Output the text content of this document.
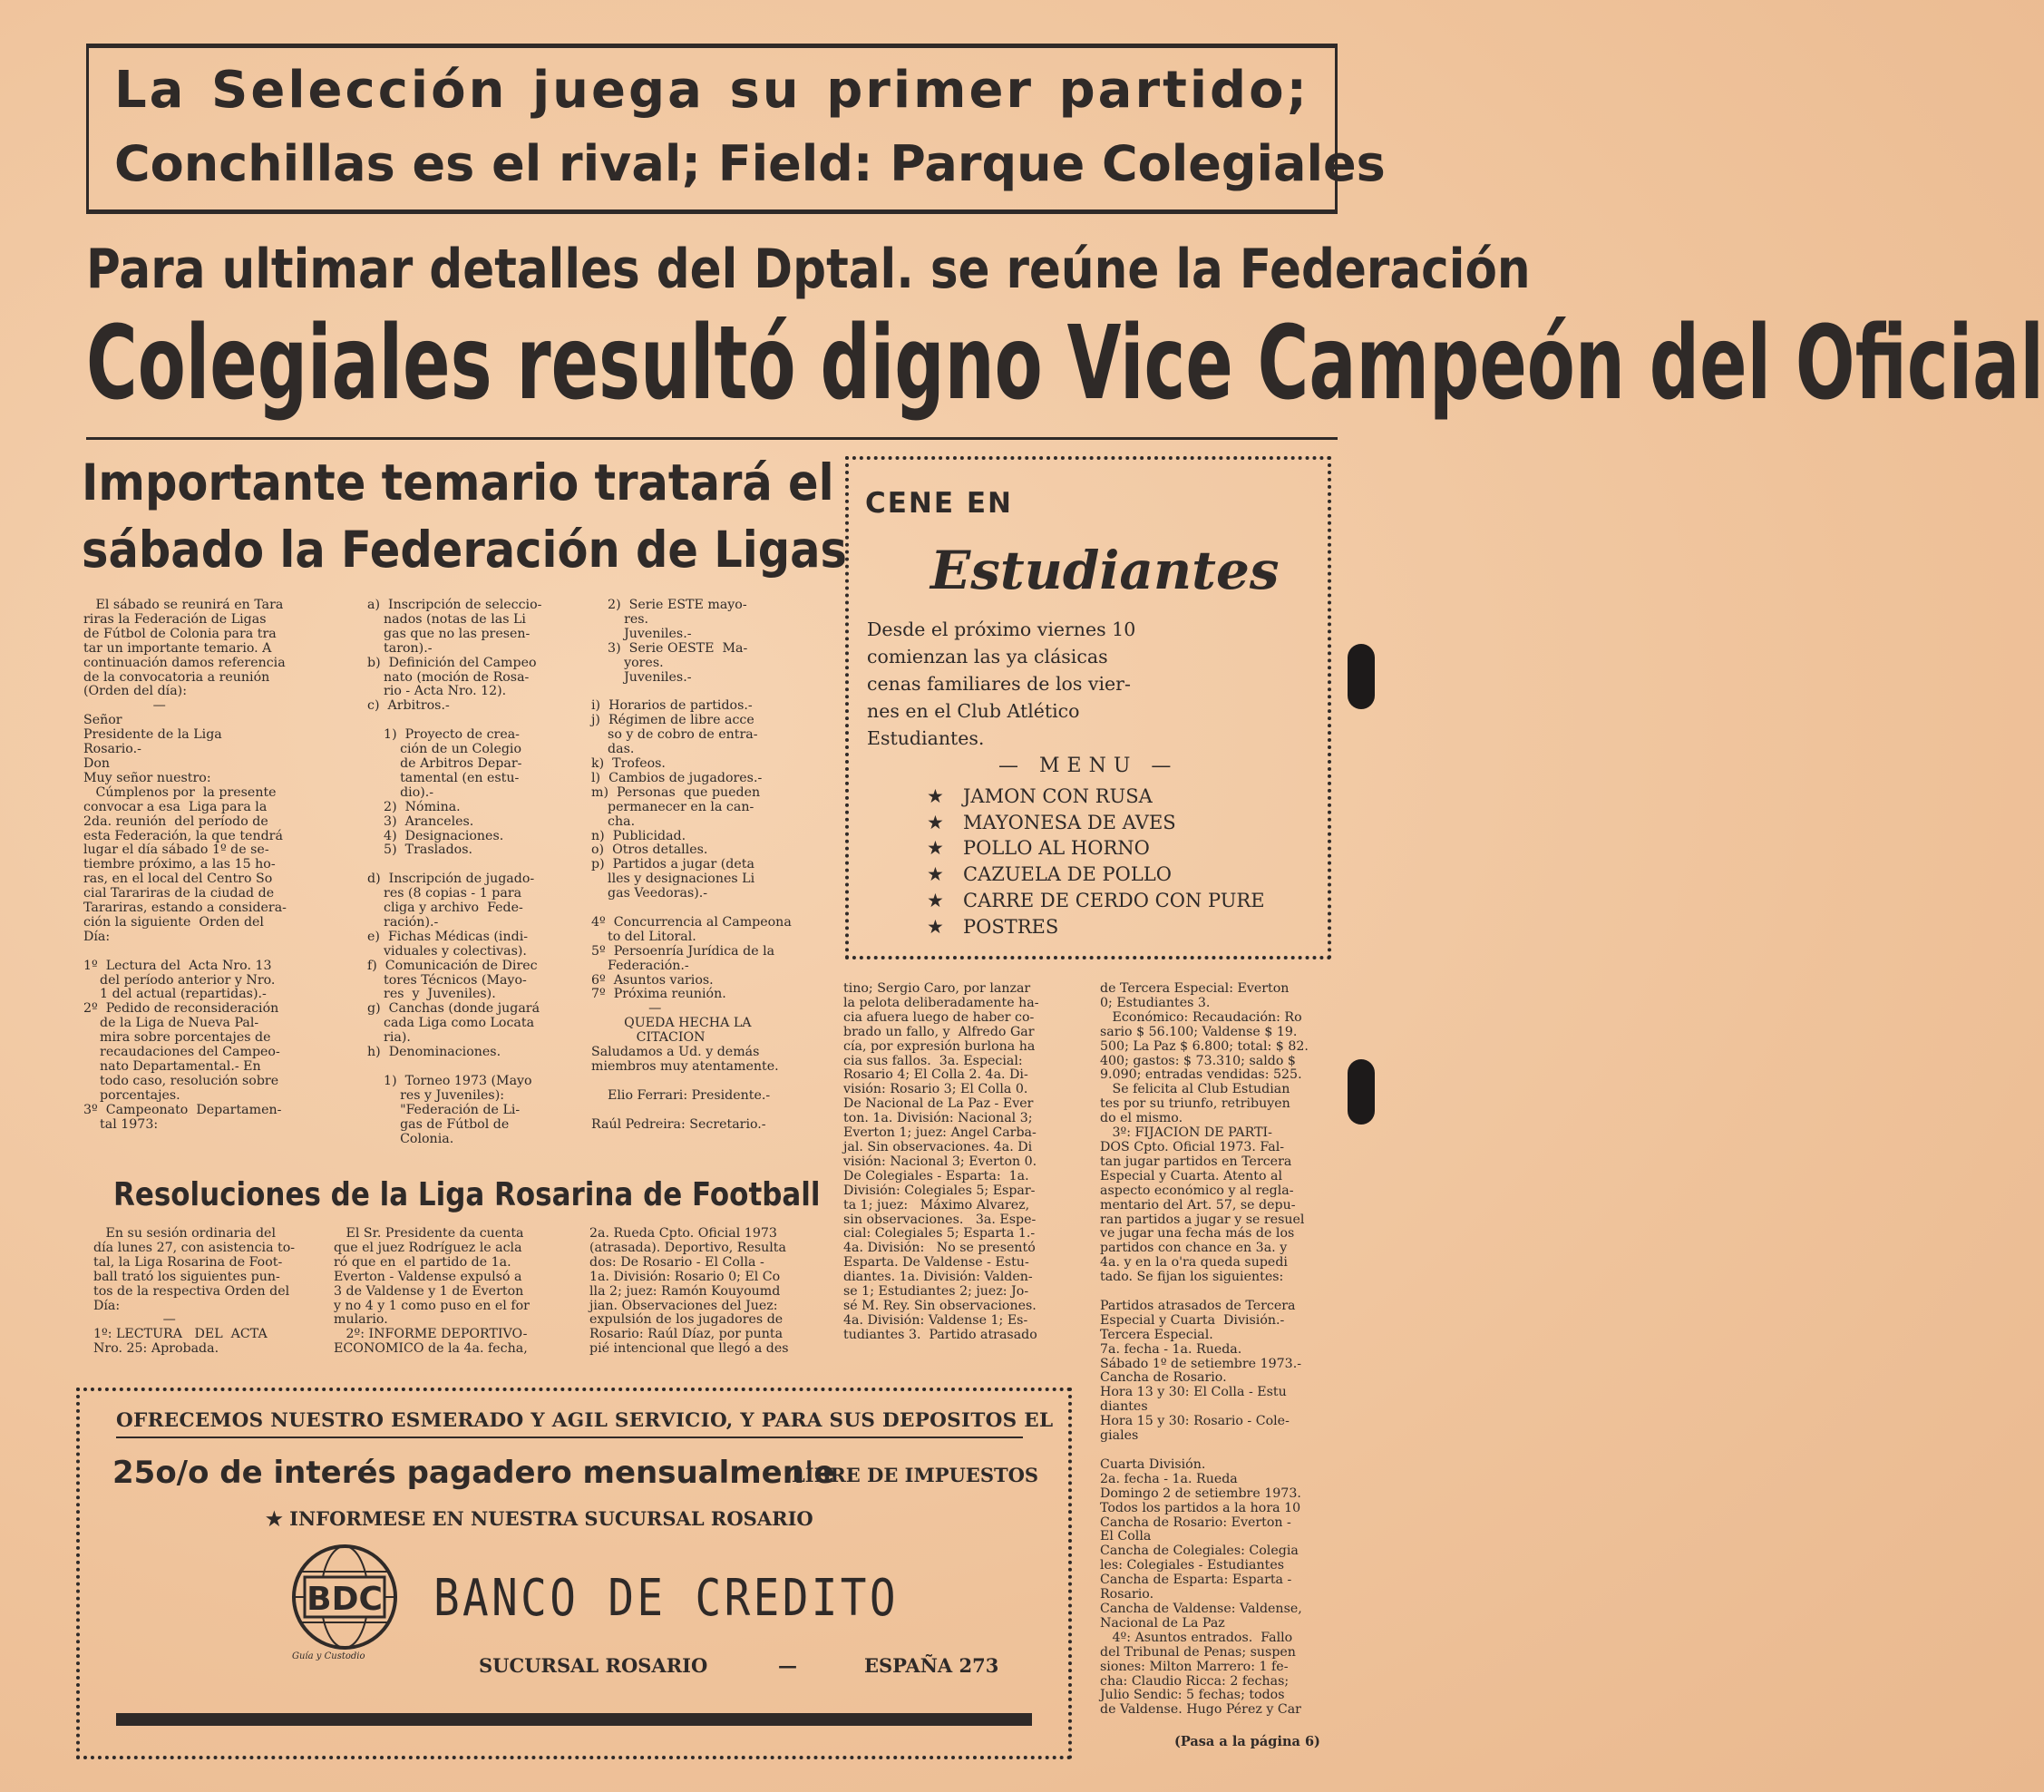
La Selección juega su primer partido;
Conchillas es el rival; Field: Parque Colegiales
Para ultimar detalles del Dptal. se reúne la Federación
Colegiales resultó digno Vice Campeón del Oficial
Importante temario tratará el
sábado la Federación de Ligas
El sábado se reunirá en Tara
riras la Federación de Ligas
de Fútbol de Colonia para tra
tar un importante temario. A
continuación damos referencia
de la convocatoria a reunión
(Orden del día):
—
Señor
Presidente de la Liga
Rosario.-
Don
Muy señor nuestro:
Cúmplenos por  la presente
convocar a esa  Liga para la
2da. reunión  del período de
esta Federación, la que tendrá
lugar el día sábado 1º de se-
tiembre próximo, a las 15 ho-
ras, en el local del Centro So
cial Tarariras de la ciudad de
Tarariras, estando a considera-
ción la siguiente  Orden del
Día:

1º  Lectura del  Acta Nro. 13
del período anterior y Nro.
1 del actual (repartidas).-
2º  Pedido de reconsideración
de la Liga de Nueva Pal-
mira sobre porcentajes de
recaudaciones del Campeo-
nato Departamental.- En
todo caso, resolución sobre
porcentajes.
3º  Campeonato  Departamen-
tal 1973:
a)  Inscripción de seleccio-
nados (notas de las Li
gas que no las presen-
taron).-
b)  Definición del Campeo
nato (moción de Rosa-
rio - Acta Nro. 12).
c)  Arbitros.-

1)  Proyecto de crea-
ción de un Colegio
de Arbitros Depar-
tamental (en estu-
dio).-
2)  Nómina.
3)  Aranceles.
4)  Designaciones.
5)  Traslados.

d)  Inscripción de jugado-
res (8 copias - 1 para
cliga y archivo  Fede-
ración).-
e)  Fichas Médicas (indi-
viduales y colectivas).
f)  Comunicación de Direc
tores Técnicos (Mayo-
res  y  Juveniles).
g)  Canchas (donde jugará
cada Liga como Locata
ria).
h)  Denominaciones.

1)  Torneo 1973 (Mayo
res y Juveniles):
"Federación de Li-
gas de Fútbol de
Colonia.
2)  Serie ESTE mayo-
res.
Juveniles.-
3)  Serie OESTE  Ma-
yores.
Juveniles.-

i)  Horarios de partidos.-
j)  Régimen de libre acce
so y de cobro de entra-
das.
k)  Trofeos.
l)  Cambios de jugadores.-
m)  Personas  que pueden
permanecer en la can-
cha.
n)  Publicidad.
o)  Otros detalles.
p)  Partidos a jugar (deta
lles y designaciones Li
gas Veedoras).-

4º  Concurrencia al Campeona
to del Litoral.
5º  Persoenría Jurídica de la
Federación.-
6º  Asuntos varios.
7º  Próxima reunión.
—
QUEDA HECHA LA
CITACION
Saludamos a Ud. y demás
miembros muy atentamente.

Elio Ferrari: Presidente.-

Raúl Pedreira: Secretario.-
CENE EN
Estudiantes
Desde el próximo viernes 10
comienzan las ya clásicas
cenas familiares de los vier-
nes en el Club Atlético
Estudiantes.
— MENU —
★ JAMON CON RUSA
★ MAYONESA DE AVES
★ POLLO AL HORNO
★ CAZUELA DE POLLO
★ CARRE DE CERDO CON PURE
★ POSTRES
Resoluciones de la Liga Rosarina de Football
En su sesión ordinaria del
día lunes 27, con asistencia to-
tal, la Liga Rosarina de Foot-
ball trató los siguientes pun-
tos de la respectiva Orden del
Día:
—
1º: LECTURA   DEL  ACTA
Nro. 25: Aprobada.
El Sr. Presidente da cuenta
que el juez Rodríguez le acla
ró que en  el partido de 1a.
Everton - Valdense expulsó a
3 de Valdense y 1 de Everton
y no 4 y 1 como puso en el for
mulario.
2º: INFORME DEPORTIVO-
ECONOMICO de la 4a. fecha,
2a. Rueda Cpto. Oficial 1973
(atrasada). Deportivo, Resulta
dos: De Rosario - El Colla -
1a. División: Rosario 0; El Co
lla 2; juez: Ramón Kouyoumd
jian. Observaciones del Juez:
expulsión de los jugadores de
Rosario: Raúl Díaz, por punta
pié intencional que llegó a des
tino; Sergio Caro, por lanzar
la pelota deliberadamente ha-
cia afuera luego de haber co-
brado un fallo, y  Alfredo Gar
cía, por expresión burlona ha
cia sus fallos.  3a. Especial:
Rosario 4; El Colla 2. 4a. Di-
visión: Rosario 3; El Colla 0.
De Nacional de La Paz - Ever
ton. 1a. División: Nacional 3;
Everton 1; juez: Angel Carba-
jal. Sin observaciones. 4a. Di
visión: Nacional 3; Everton 0.
De Colegiales - Esparta:  1a.
División: Colegiales 5; Espar-
ta 1; juez:   Máximo Alvarez,
sin observaciones.   3a. Espe-
cial: Colegiales 5; Esparta 1.-
4a. División:   No se presentó
Esparta. De Valdense - Estu-
diantes. 1a. División: Valden-
se 1; Estudiantes 2; juez: Jo-
sé M. Rey. Sin observaciones.
4a. División: Valdense 1; Es-
tudiantes 3.  Partido atrasado
de Tercera Especial: Everton
0; Estudiantes 3.
Económico: Recaudación: Ro
sario $ 56.100; Valdense $ 19.
500; La Paz $ 6.800; total: $ 82.
400; gastos: $ 73.310; saldo $
9.090; entradas vendidas: 525.
Se felicita al Club Estudian
tes por su triunfo, retribuyen
do el mismo.
3º: FIJACION DE PARTI-
DOS Cpto. Oficial 1973. Fal-
tan jugar partidos en Tercera
Especial y Cuarta. Atento al
aspecto económico y al regla-
mentario del Art. 57, se depu-
ran partidos a jugar y se resuel
ve jugar una fecha más de los
partidos con chance en 3a. y
4a. y en la o'ra queda supedi
tado. Se fijan los siguientes:

Partidos atrasados de Tercera
Especial y Cuarta  División.-
Tercera Especial.
7a. fecha - 1a. Rueda.
Sábado 1º de setiembre 1973.-
Cancha de Rosario.
Hora 13 y 30: El Colla - Estu
diantes
Hora 15 y 30: Rosario - Cole-
giales

Cuarta División.
2a. fecha - 1a. Rueda
Domingo 2 de setiembre 1973.
Todos los partidos a la hora 10
Cancha de Rosario: Everton -
El Colla
Cancha de Colegiales: Colegia
les: Colegiales - Estudiantes
Cancha de Esparta: Esparta -
Rosario.
Cancha de Valdense: Valdense,
Nacional de La Paz
4º: Asuntos entrados.  Fallo
del Tribunal de Penas; suspen
siones: Milton Marrero: 1 fe-
cha: Claudio Ricca: 2 fechas;
Julio Sendic: 5 fechas; todos
de Valdense. Hugo Pérez y Car
(Pasa a la página 6)
OFRECEMOS NUESTRO ESMERADO Y AGIL SERVICIO, Y PARA SUS DEPOSITOS EL
25o/o de interés pagadero mensualmen'e
LIBRE DE IMPUESTOS
★ INFORMESE EN NUESTRA SUCURSAL ROSARIO
BDC
Guía y Custodio
BANCO DE CREDITO
SUCURSAL ROSARIO	—	ESPAÑA 273
